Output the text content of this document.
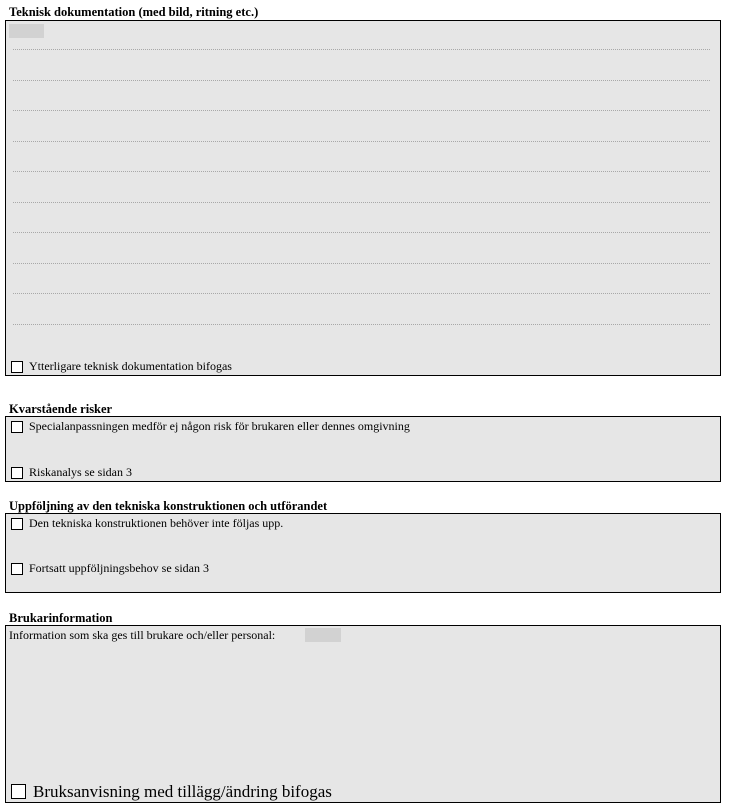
Teknisk dokumentation (med bild, ritning etc.)
Ytterligare teknisk dokumentation bifogas
Kvarstående risker
Specialanpassningen medför ej någon risk för brukaren eller dennes omgivning
Riskanalys se sidan 3
Uppföljning av den tekniska konstruktionen och utförandet
Den tekniska konstruktionen behöver inte följas upp.
Fortsatt uppföljningsbehov se sidan 3
Brukarinformation
Information som ska ges till brukare och/eller personal:
Bruksanvisning med tillägg/ändring bifogas
